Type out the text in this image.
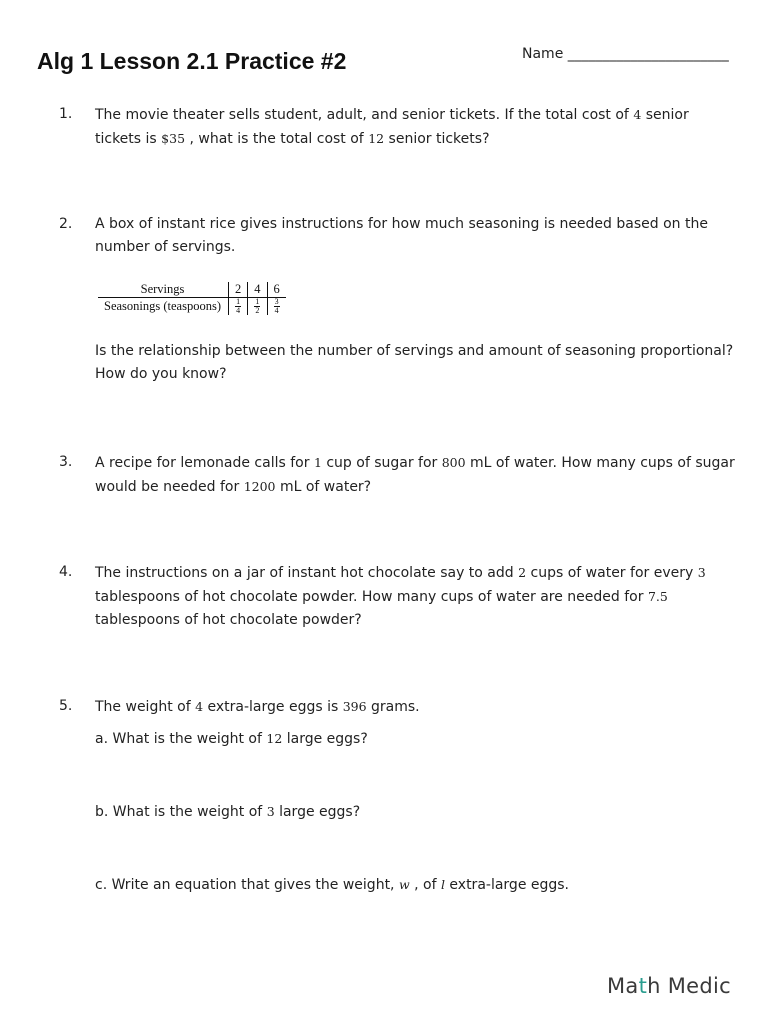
Alg 1 Lesson 2.1 Practice #2	Name _______________________
1. The movie theater sells student, adult, and senior tickets. If the total cost of 4 senior tickets is $35 , what is the total cost of 12 senior tickets?
2. A box of instant rice gives instructions for how much seasoning is needed based on the number of servings.
Servings	2	4	6
Seasonings (teaspoons)	$\frac{1}{4}$	$\frac{1}{2}$	$\frac{3}{4}$
Is the relationship between the number of servings and amount of seasoning proportional? How do you know?
3. A recipe for lemonade calls for 1 cup of sugar for 800 mL of water. How many cups of sugar would be needed for 1200 mL of water?
4. The instructions on a jar of instant hot chocolate say to add 2 cups of water for every 3 tablespoons of hot chocolate powder. How many cups of water are needed for 7.5 tablespoons of hot chocolate powder?
5. The weight of 4 extra-large eggs is 396 grams.
a. What is the weight of 12 large eggs?
b. What is the weight of 3 large eggs?
c. Write an equation that gives the weight, w , of l extra-large eggs.
Math Medic
